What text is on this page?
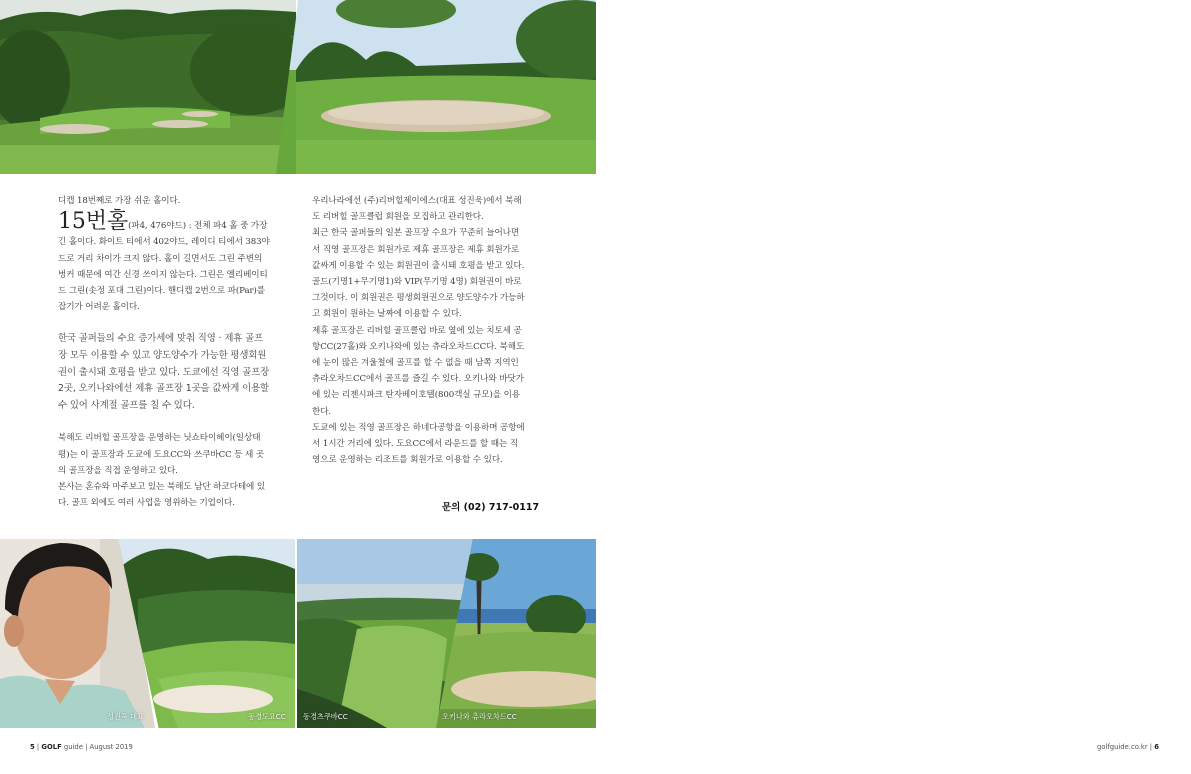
디캡 18번째로 가장 쉬운 홀이다.

15번홀(파4, 476야드) : 전체 파4 홀 중 가장 긴 홀이다. 화이트 티에서 402야드, 레이디 티에서 383야드로 거리 차이가 크지 않다. 홀이 길면서도 그린 주변의 벙커 때문에 여간 신경 쓰이지 않는다. 그린은 엘리베이티드 그린(솟정 포대 그린)이다. 핸디캡 2번으로 파(Par)를 잡기가 어려운 홀이다.

한국 골퍼들의 수요 증가세에 맞춰 직영 · 제휴 골프장 모두 이용할 수 있고 양도양수가 가능한 평생회원권이 출시돼 호평을 받고 있다. 도쿄에선 직영 골프장 2곳, 오키나와에선 제휴 골프장 1곳을 값싸게 이용할 수 있어 사계절 골프를 칠 수 있다.

북해도 리버힐 골프장을 운영하는 닛쇼타이헤이(일상태평)는 이 골프장과 도쿄에 도요CC와 쓰쿠바CC 등 세 곳의 골프장을 직접 운영하고 있다.

본사는 혼슈와 마주보고 있는 북해도 남단 하코다테에 있다. 골프 외에도 여러 사업을 영위하는 기업이다.

우리나라에선 (주)리버힐제이에스(대표 성진욱)에서 북해도 리버힐 골프클럽 회원을 모집하고 관리한다.

최근 한국 골퍼들의 일본 골프장 수요가 꾸준히 늘어나면서 직영 골프장은 회원가로 제휴 골프장은 제휴 회원가로 값싸게 이용할 수 있는 회원권이 출시돼 호평을 받고 있다.

골드(기명1+무기명1)와 VIP(무기명 4명) 회원권이 바로 그것이다. 이 회원권은 평생회원권으로 양도양수가 가능하고 회원이 원하는 날짜에 이용할 수 있다.

제휴 골프장은 리버힐 골프클럽 바로 옆에 있는 치토세 공항CC(27홀)와 오키나와에 있는 츄라오차드CC다. 북해도에 눈이 많은 겨울철에 골프를 할 수 없을 때 남쪽 지역인 츄라오차드CC에서 골프를 즐길 수 있다. 오키나와 바닷가에 있는 리젠시파크 탄자베이호텔(800객실 규모)을 이용한다.

도쿄에 있는 직영 골프장은 하네다공항을 이용하며 공항에서 1시간 거리에 있다. 도요CC에서 라운드를 할 때는 직영으로 운영하는 리조트를 회원가로 이용할 수 있다.

문의 (02) 717-0117
성진욱 대표	동경도요CC 동경츠쿠바CC	오키나와 츄라오차드CC
5 | GOLF guide | August 2019	golfguide.co.kr | 6
